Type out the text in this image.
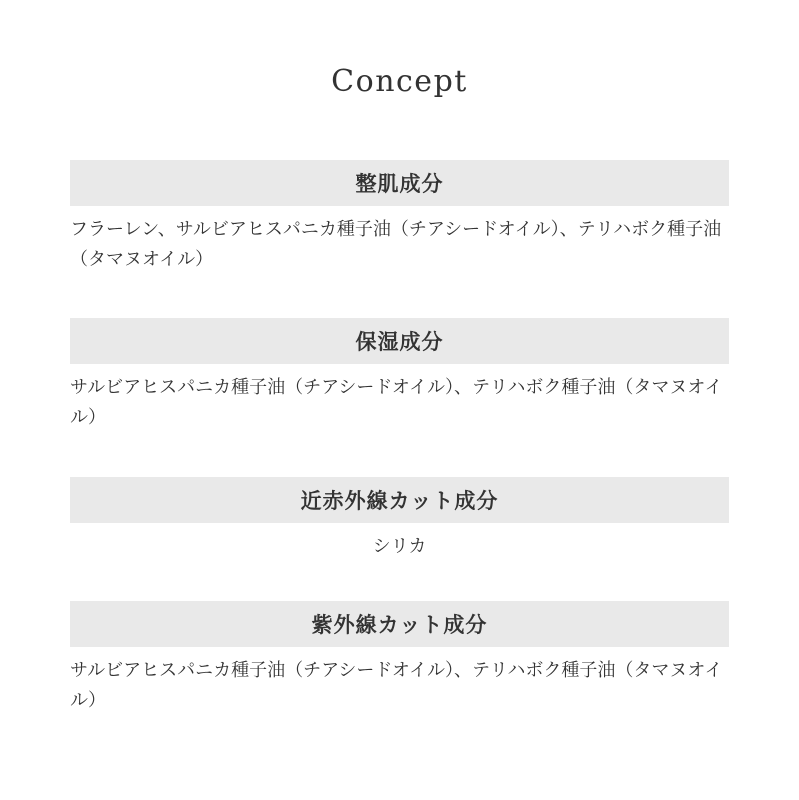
Concept
整肌成分

フラーレン、サルビアヒスパニカ種子油（チアシードオイル）、テリハボク種子油（タマヌオイル）

保湿成分

サルビアヒスパニカ種子油（チアシードオイル）、テリハボク種子油（タマヌオイル）

近赤外線カット成分

シリカ

紫外線カット成分

サルビアヒスパニカ種子油（チアシードオイル）、テリハボク種子油（タマヌオイル）
